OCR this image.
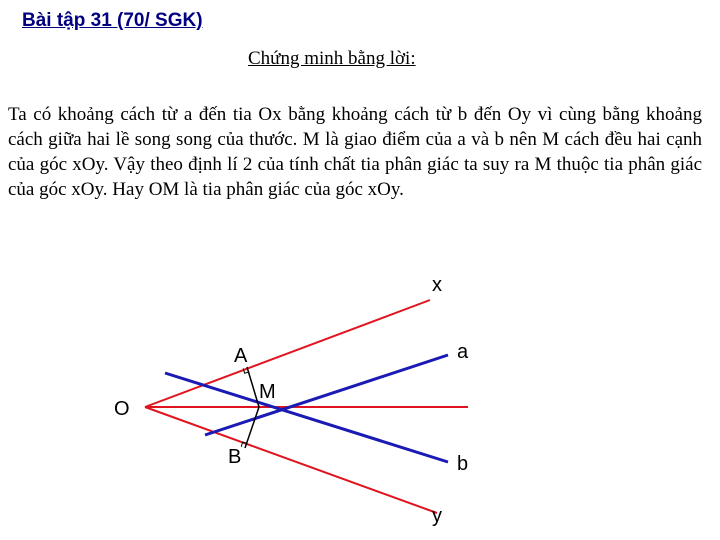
Bài tập 31 (70/ SGK)
Chứng minh bằng lời:

Ta có khoảng cách từ a đến tia Ox bằng khoảng cách từ b đến Oy vì cùng bằng khoảng cách giữa hai lề song song của thước. M là giao điểm của a và b nên M cách đều hai cạnh của góc xOy. Vậy theo định lí 2 của tính chất tia phân giác ta suy ra M thuộc tia phân giác của góc xOy. Hay OM là tia phân giác của góc xOy.

x
a
A
M
O
B	b
y
